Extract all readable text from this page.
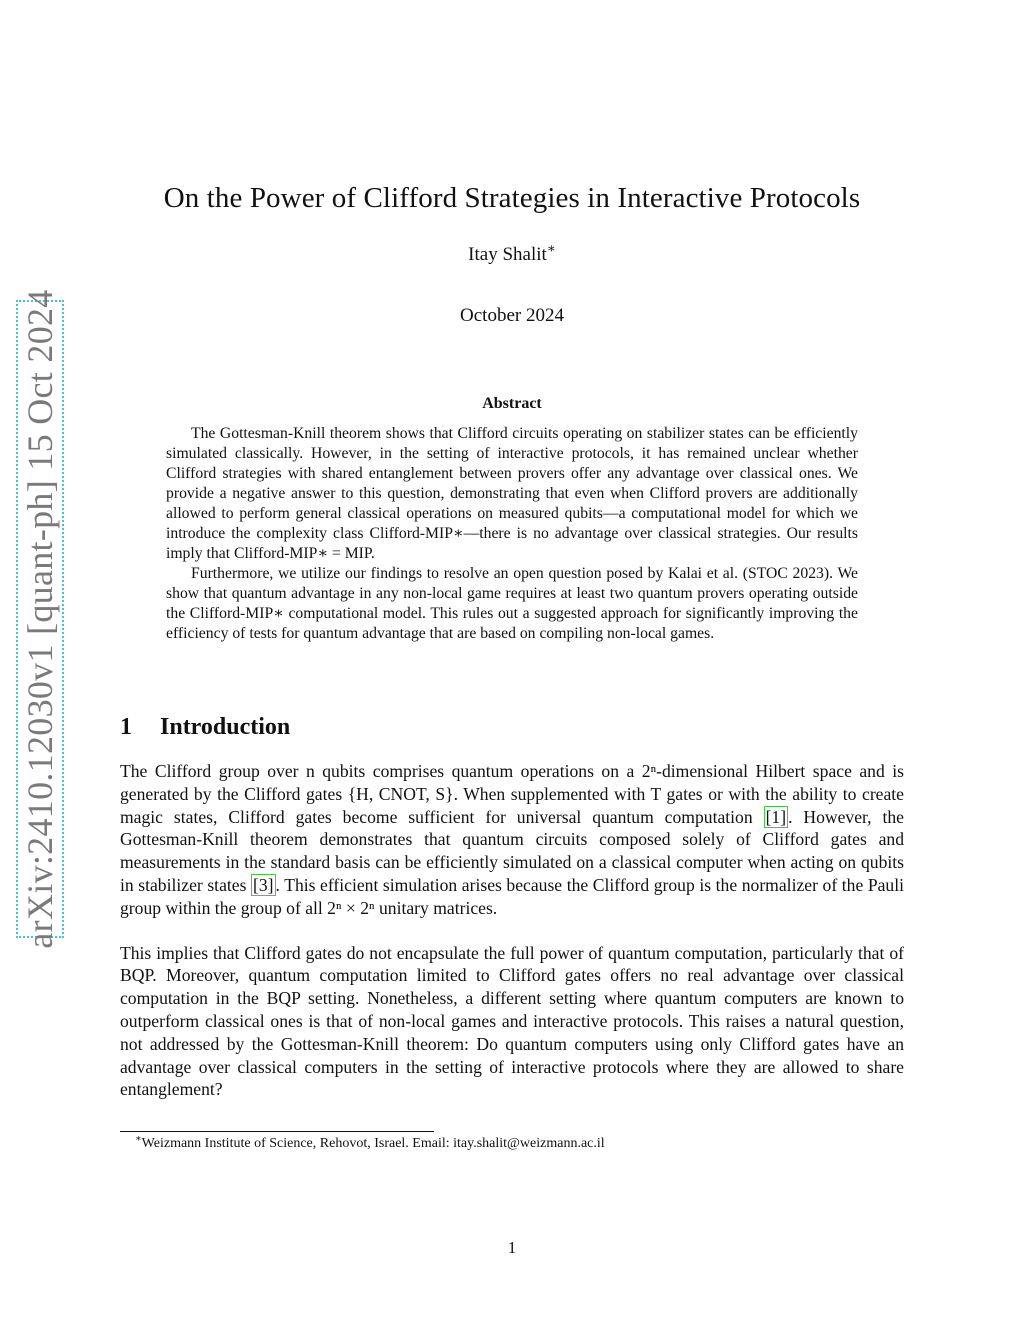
arXiv:2410.12030v1 [quant-ph] 15 Oct 2024
On the Power of Clifford Strategies in Interactive Protocols
Itay Shalit∗
October 2024
Abstract

The Gottesman-Knill theorem shows that Clifford circuits operating on stabilizer states can be efficiently simulated classically. However, in the setting of interactive protocols, it has remained unclear whether Clifford strategies with shared entanglement between provers offer any advantage over classical ones. We provide a negative answer to this question, demonstrating that even when Clifford provers are additionally allowed to perform general classical operations on measured qubits—a computational model for which we introduce the complexity class Clifford-MIP∗—there is no advantage over classical strategies. Our results imply that Clifford-MIP∗ = MIP.

Furthermore, we utilize our findings to resolve an open question posed by Kalai et al. (STOC 2023). We show that quantum advantage in any non-local game requires at least two quantum provers operating outside the Clifford-MIP∗ computational model. This rules out a suggested approach for significantly improving the efficiency of tests for quantum advantage that are based on compiling non-local games.

1 Introduction

The Clifford group over n qubits comprises quantum operations on a 2ⁿ-dimensional Hilbert space and is generated by the Clifford gates {H, CNOT, S}. When supplemented with T gates or with the ability to create magic states, Clifford gates become sufficient for universal quantum computation [1] . However, the Gottesman-Knill theorem demonstrates that quantum circuits composed solely of Clifford gates and measurements in the standard basis can be efficiently simulated on a classical computer when acting on qubits in stabilizer states [3] . This efficient simulation arises because the Clifford group is the normalizer of the Pauli group within the group of all 2ⁿ × 2ⁿ unitary matrices.

This implies that Clifford gates do not encapsulate the full power of quantum computation, particularly that of BQP. Moreover, quantum computation limited to Clifford gates offers no real advantage over classical computation in the BQP setting. Nonetheless, a different setting where quantum computers are known to outperform classical ones is that of non-local games and interactive protocols. This raises a natural question, not addressed by the Gottesman-Knill theorem: Do quantum computers using only Clifford gates have an advantage over classical computers in the setting of interactive protocols where they are allowed to share entanglement?

∗Weizmann Institute of Science, Rehovot, Israel. Email: itay.shalit@weizmann.ac.il
1
